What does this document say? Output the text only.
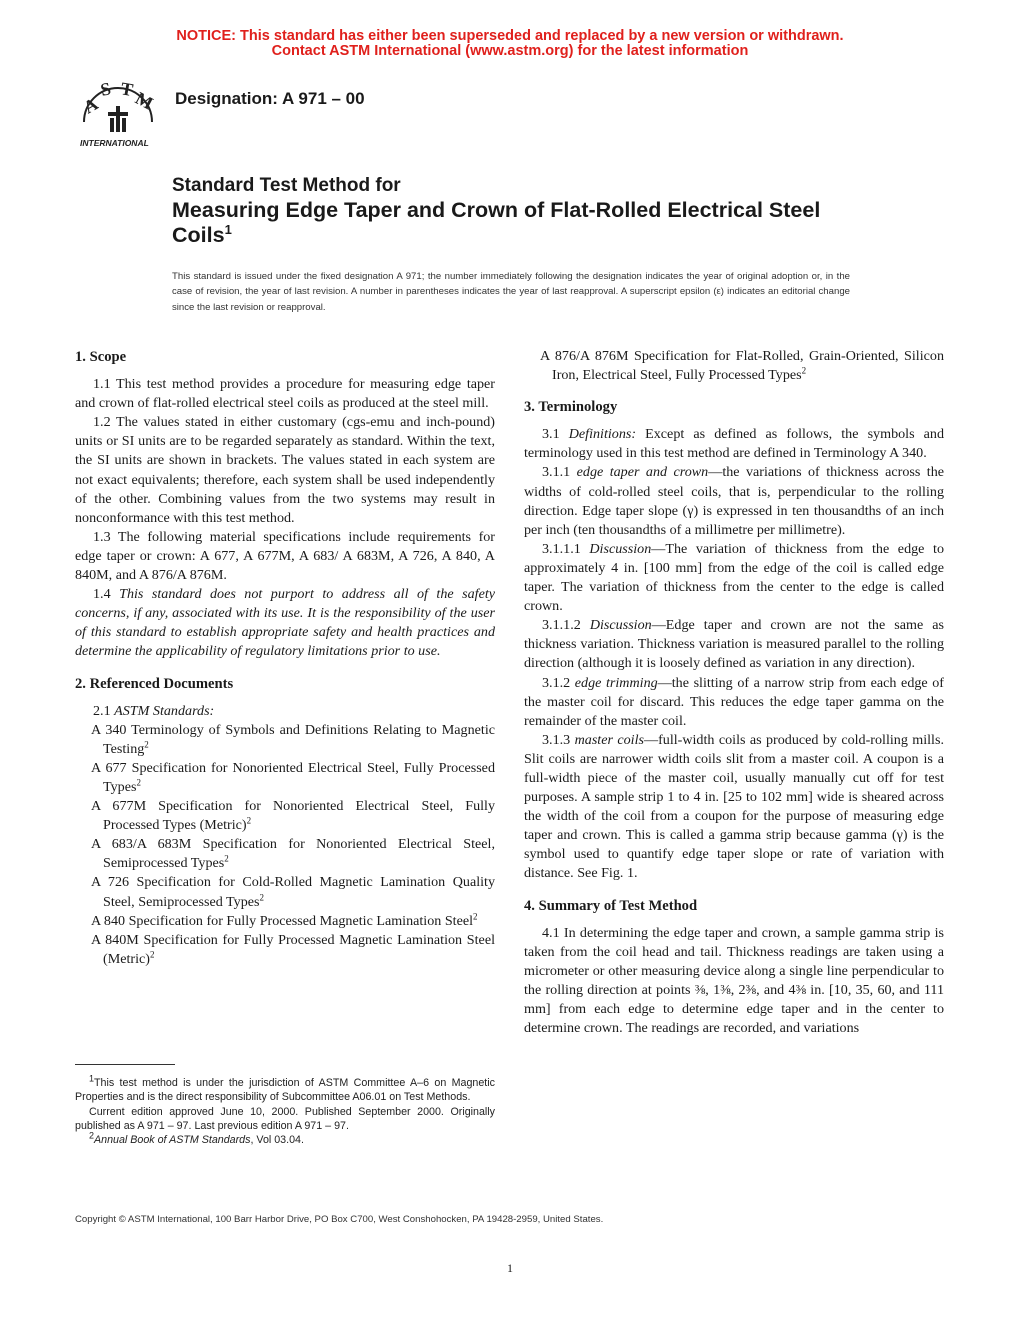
NOTICE: This standard has either been superseded and replaced by a new version or withdrawn.
Contact ASTM International (www.astm.org) for the latest information
A
S T
M
INTERNATIONAL
Designation: A 971 – 00
Standard Test Method for
Measuring Edge Taper and Crown of Flat-Rolled Electrical Steel Coils$^1$
This standard is issued under the fixed designation A 971; the number immediately following the designation indicates the year of original adoption or, in the case of revision, the year of last revision. A number in parentheses indicates the year of last reapproval. A superscript epsilon (ε) indicates an editorial change since the last revision or reapproval.

1. Scope

1.1 This test method provides a procedure for measuring edge taper and crown of flat-rolled electrical steel coils as produced at the steel mill.

1.2 The values stated in either customary (cgs-emu and inch-pound) units or SI units are to be regarded separately as standard. Within the text, the SI units are shown in brackets. The values stated in each system are not exact equivalents; therefore, each system shall be used independently of the other. Combining values from the two systems may result in nonconformance with this test method.

1.3 The following material specifications include requirements for edge taper or crown: A 677, A 677M, A 683/ A 683M, A 726, A 840, A 840M, and A 876/A 876M.

1.4 This standard does not purport to address all of the safety concerns, if any, associated with its use. It is the responsibility of the user of this standard to establish appropriate safety and health practices and determine the applicability of regulatory limitations prior to use.

2. Referenced Documents

2.1 ASTM Standards:

A 340 Terminology of Symbols and Definitions Relating to Magnetic Testing$^2$

A 677 Specification for Nonoriented Electrical Steel, Fully Processed Types$^2$

A 677M Specification for Nonoriented Electrical Steel, Fully Processed Types (Metric)$^2$

A 683/A 683M Specification for Nonoriented Electrical Steel, Semiprocessed Types$^2$

A 726 Specification for Cold-Rolled Magnetic Lamination Quality Steel, Semiprocessed Types$^2$

A 840 Specification for Fully Processed Magnetic Lamination Steel$^2$

A 840M Specification for Fully Processed Magnetic Lamination Steel (Metric)$^2$

A 876/A 876M Specification for Flat-Rolled, Grain-Oriented, Silicon Iron, Electrical Steel, Fully Processed Types$^2$

3. Terminology

3.1 Definitions: Except as defined as follows, the symbols and terminology used in this test method are defined in Terminology A 340.

3.1.1 edge taper and crown—the variations of thickness across the widths of cold-rolled steel coils, that is, perpendicular to the rolling direction. Edge taper slope (γ) is expressed in ten thousandths of an inch per inch (ten thousandths of a millimetre per millimetre).

3.1.1.1 Discussion—The variation of thickness from the edge to approximately 4 in. [100 mm] from the edge of the coil is called edge taper. The variation of thickness from the center to the edge is called crown.

3.1.1.2 Discussion—Edge taper and crown are not the same as thickness variation. Thickness variation is measured parallel to the rolling direction (although it is loosely defined as variation in any direction).

3.1.2 edge trimming—the slitting of a narrow strip from each edge of the master coil for discard. This reduces the edge taper gamma on the remainder of the master coil.

3.1.3 master coils—full-width coils as produced by cold-rolling mills. Slit coils are narrower width coils slit from a master coil. A coupon is a full-width piece of the master coil, usually manually cut off for test purposes. A sample strip 1 to 4 in. [25 to 102 mm] wide is sheared across the width of the coil from a coupon for the purpose of measuring edge taper and crown. This is called a gamma strip because gamma (γ) is the symbol used to quantify edge taper slope or rate of variation with distance. See Fig. 1.

4. Summary of Test Method

4.1 In determining the edge taper and crown, a sample gamma strip is taken from the coil head and tail. Thickness readings are taken using a micrometer or other measuring device along a single line perpendicular to the rolling direction at points ⅜, 1⅜, 2⅜, and 4⅜ in. [10, 35, 60, and 111 mm] from each edge to determine edge taper and in the center to determine crown. The readings are recorded, and variations

$^1$This test method is under the jurisdiction of ASTM Committee A–6 on Magnetic Properties and is the direct responsibility of Subcommittee A06.01 on Test Methods.

Current edition approved June 10, 2000. Published September 2000. Originally published as A 971 – 97. Last previous edition A 971 – 97.

$^2$Annual Book of ASTM Standards, Vol 03.04.

Copyright © ASTM International, 100 Barr Harbor Drive, PO Box C700, West Conshohocken, PA 19428-2959, United States.
1
